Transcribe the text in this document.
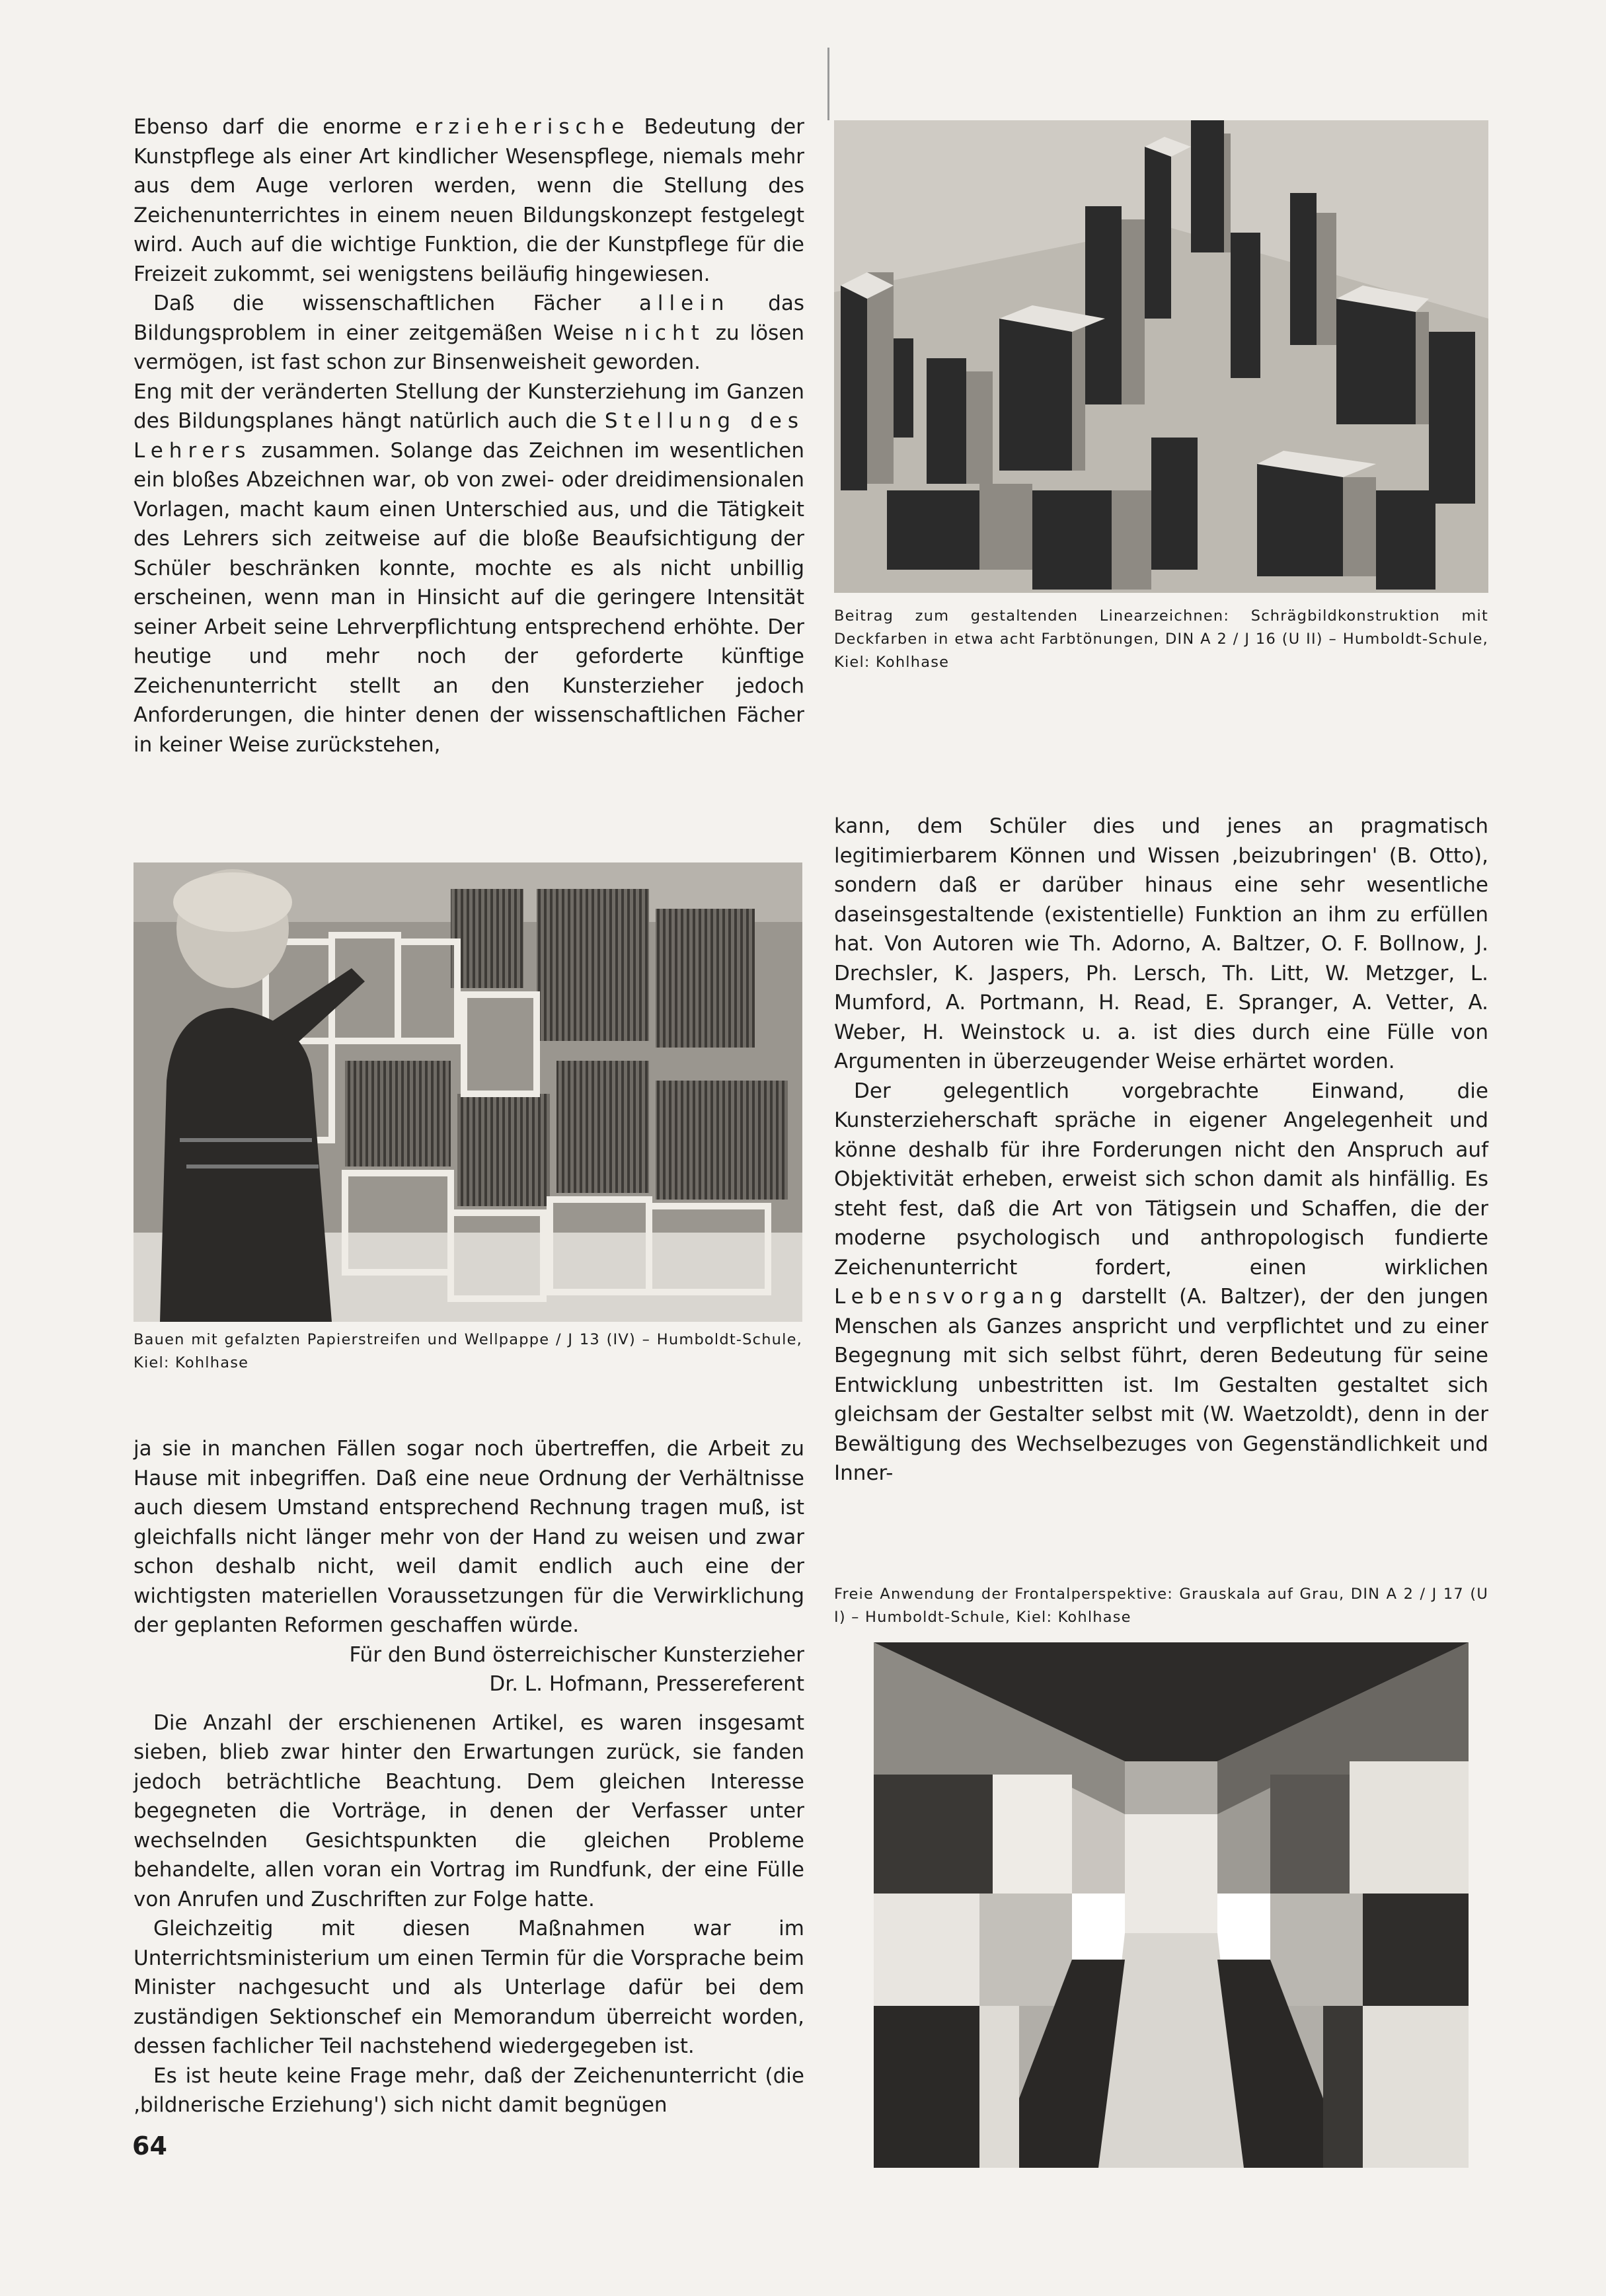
Ebenso darf die enorme erzieherische Bedeutung der Kunstpflege als einer Art kindlicher Wesenspflege, niemals mehr aus dem Auge verloren werden, wenn die Stellung des Zeichenunterrichtes in einem neuen Bildungskonzept festgelegt wird. Auch auf die wichtige Funktion, die der Kunstpflege für die Freizeit zukommt, sei wenigstens beiläufig hingewiesen.

Daß die wissenschaftlichen Fächer allein das Bildungsproblem in einer zeitgemäßen Weise nicht zu lösen vermögen, ist fast schon zur Binsenweisheit geworden.

Eng mit der veränderten Stellung der Kunsterziehung im Ganzen des Bildungsplanes hängt natürlich auch die Stellung des Lehrers zusammen. Solange das Zeichnen im wesentlichen ein bloßes Abzeichnen war, ob von zwei- oder dreidimensionalen Vorlagen, macht kaum einen Unterschied aus, und die Tätigkeit des Lehrers sich zeitweise auf die bloße Beaufsichtigung der Schüler beschränken konnte, mochte es als nicht unbillig erscheinen, wenn man in Hinsicht auf die geringere Intensität seiner Arbeit seine Lehrverpflichtung entsprechend erhöhte. Der heutige und mehr noch der geforderte künftige Zeichenunterricht stellt an den Kunsterzieher jedoch Anforderungen, die hinter denen der wissenschaftlichen Fächer in keiner Weise zurückstehen,

Beitrag zum gestaltenden Linearzeichnen: Schrägbildkonstruktion mit Deckfarben in etwa acht Farbtönungen, DIN A 2 / J 16 (U II) – Humboldt-Schule, Kiel: Kohlhase
Bauen mit gefalzten Papierstreifen und Wellpappe / J 13 (IV) – Humboldt-Schule, Kiel: Kohlhase

kann, dem Schüler dies und jenes an pragmatisch legitimierbarem Können und Wissen ‚beizubringen' (B. Otto), sondern daß er darüber hinaus eine sehr wesentliche daseinsgestaltende (existentielle) Funktion an ihm zu erfüllen hat. Von Autoren wie Th. Adorno, A. Baltzer, O. F. Bollnow, J. Drechsler, K. Jaspers, Ph. Lersch, Th. Litt, W. Metzger, L. Mumford, A. Portmann, H. Read, E. Spranger, A. Vetter, A. Weber, H. Weinstock u. a. ist dies durch eine Fülle von Argumenten in überzeugender Weise erhärtet worden.

Der gelegentlich vorgebrachte Einwand, die Kunsterzieherschaft spräche in eigener Angelegenheit und könne deshalb für ihre Forderungen nicht den Anspruch auf Objektivität erheben, erweist sich schon damit als hinfällig. Es steht fest, daß die Art von Tätigsein und Schaffen, die der moderne psychologisch und anthropologisch fundierte Zeichenunterricht fordert, einen wirklichen Lebensvorgang darstellt (A. Baltzer), der den jungen Menschen als Ganzes anspricht und verpflichtet und zu einer Begegnung mit sich selbst führt, deren Bedeutung für seine Entwicklung unbestritten ist. Im Gestalten gestaltet sich gleichsam der Gestalter selbst mit (W. Waetzoldt), denn in der Bewältigung des Wechselbezuges von Gegenständlichkeit und Inner-

ja sie in manchen Fällen sogar noch übertreffen, die Arbeit zu Hause mit inbegriffen. Daß eine neue Ordnung der Verhältnisse auch diesem Umstand entsprechend Rechnung tragen muß, ist gleichfalls nicht länger mehr von der Hand zu weisen und zwar schon deshalb nicht, weil damit endlich auch eine der wichtigsten materiellen Voraussetzungen für die Verwirklichung der geplanten Reformen geschaffen würde.

Für den Bund österreichischer Kunsterzieher

Dr. L. Hofmann, Pressereferent

Die Anzahl der erschienenen Artikel, es waren insgesamt sieben, blieb zwar hinter den Erwartungen zurück, sie fanden jedoch beträchtliche Beachtung. Dem gleichen Interesse begegneten die Vorträge, in denen der Verfasser unter wechselnden Gesichtspunkten die gleichen Probleme behandelte, allen voran ein Vortrag im Rundfunk, der eine Fülle von Anrufen und Zuschriften zur Folge hatte.

Gleichzeitig mit diesen Maßnahmen war im Unterrichtsministerium um einen Termin für die Vorsprache beim Minister nachgesucht und als Unterlage dafür bei dem zuständigen Sektionschef ein Memorandum überreicht worden, dessen fachlicher Teil nachstehend wiedergegeben ist.

Es ist heute keine Frage mehr, daß der Zeichenunterricht (die ‚bildnerische Erziehung') sich nicht damit begnügen

Freie Anwendung der Frontalperspektive: Grauskala auf Grau, DIN A 2 / J 17 (U I) – Humboldt-Schule, Kiel: Kohlhase
64
